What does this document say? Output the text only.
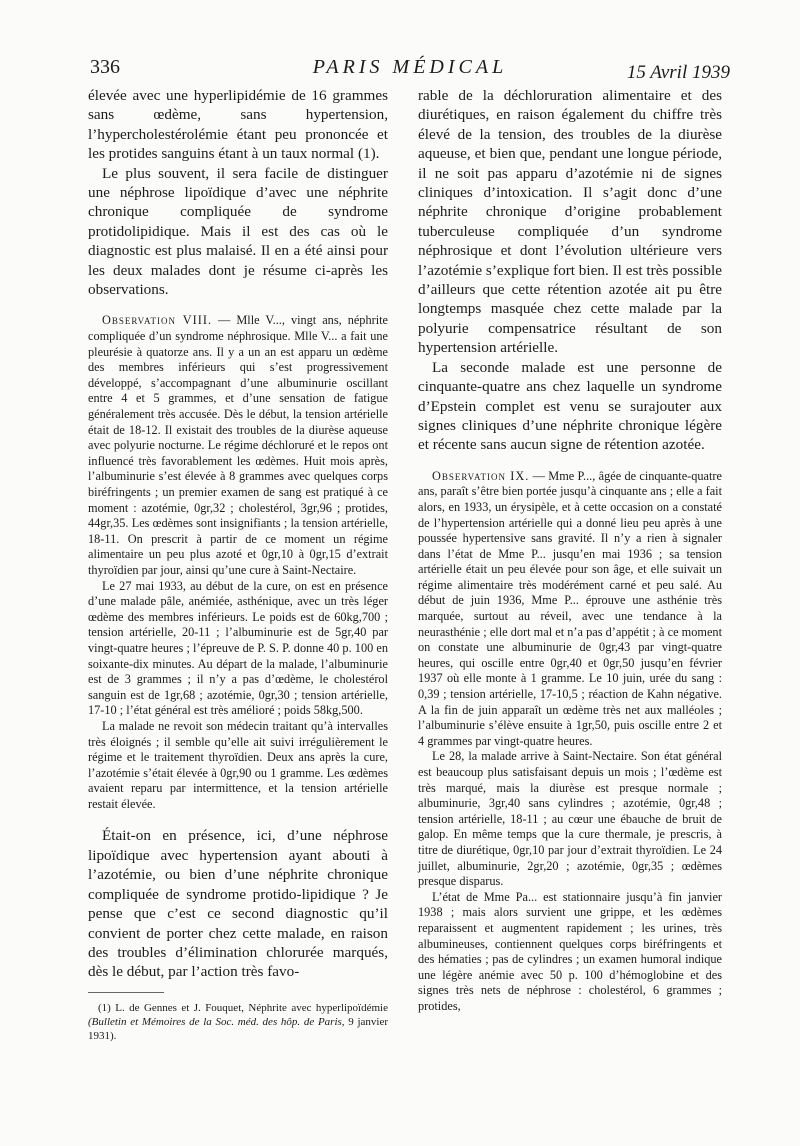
336	PARIS MÉDICAL	15 Avril 1939

élevée avec une hyperlipidémie de 16 grammes sans œdème, sans hypertension, l’hypercholestérolémie étant peu prononcée et les protides sanguins étant à un taux normal (1).

Le plus souvent, il sera facile de distinguer une néphrose lipoïdique d’avec une néphrite chronique compliquée de syndrome protidolipidique. Mais il est des cas où le diagnostic est plus malaisé. Il en a été ainsi pour les deux malades dont je résume ci-après les observations.

Observation VIII. — Mlle V..., vingt ans, néphrite compliquée d’un syndrome néphrosique. Mlle V... a fait une pleurésie à quatorze ans. Il y a un an est apparu un œdème des membres inférieurs qui s’est progressivement développé, s’accompagnant d’une albuminurie oscillant entre 4 et 5 grammes, et d’une sensation de fatigue généralement très accusée. Dès le début, la tension artérielle était de 18-12. Il existait des troubles de la diurèse aqueuse avec polyurie nocturne. Le régime déchloruré et le repos ont influencé très favorablement les œdèmes. Huit mois après, l’albuminurie s’est élevée à 8 grammes avec quelques corps biréfringents ; un premier examen de sang est pratiqué à ce moment : azotémie, 0gr,32 ; cholestérol, 3gr,96 ; protides, 44gr,35. Les œdèmes sont insignifiants ; la tension artérielle, 18-11. On prescrit à partir de ce moment un régime alimentaire un peu plus azoté et 0gr,10 à 0gr,15 d’extrait thyroïdien par jour, ainsi qu’une cure à Saint-Nectaire.

Le 27 mai 1933, au début de la cure, on est en présence d’une malade pâle, anémiée, asthénique, avec un très léger œdème des membres inférieurs. Le poids est de 60kg,700 ; tension artérielle, 20-11 ; l’albuminurie est de 5gr,40 par vingt-quatre heures ; l’épreuve de P. S. P. donne 40 p. 100 en soixante-dix minutes. Au départ de la malade, l’albuminurie est de 3 grammes ; il n’y a pas d’œdème, le cholestérol sanguin est de 1gr,68 ; azotémie, 0gr,30 ; tension artérielle, 17-10 ; l’état général est très amélioré ; poids 58kg,500.

La malade ne revoit son médecin traitant qu’à intervalles très éloignés ; il semble qu’elle ait suivi irrégulièrement le régime et le traitement thyroïdien. Deux ans après la cure, l’azotémie s’était élevée à 0gr,90 ou 1 gramme. Les œdèmes avaient reparu par intermittence, et la tension artérielle restait élevée.

Était-on en présence, ici, d’une néphrose lipoïdique avec hypertension ayant abouti à l’azotémie, ou bien d’une néphrite chronique compliquée de syndrome protido-lipidique ? Je pense que c’est ce second diagnostic qu’il convient de porter chez cette malade, en raison des troubles d’élimination chlorurée marqués, dès le début, par l’action très favo-

(1) L. de Gennes et J. Fouquet, Néphrite avec hyperlipoïdémie (Bulletin et Mémoires de la Soc. méd. des hôp. de Paris, 9 janvier 1931).

rable de la déchloruration alimentaire et des diurétiques, en raison également du chiffre très élevé de la tension, des troubles de la diurèse aqueuse, et bien que, pendant une longue période, il ne soit pas apparu d’azotémie ni de signes cliniques d’intoxication. Il s’agit donc d’une néphrite chronique d’origine probablement tuberculeuse compliquée d’un syndrome néphrosique et dont l’évolution ultérieure vers l’azotémie s’explique fort bien. Il est très possible d’ailleurs que cette rétention azotée ait pu être longtemps masquée chez cette malade par la polyurie compensatrice résultant de son hypertension artérielle.

La seconde malade est une personne de cinquante-quatre ans chez laquelle un syndrome d’Epstein complet est venu se surajouter aux signes cliniques d’une néphrite chronique légère et récente sans aucun signe de rétention azotée.

Observation IX. — Mme P..., âgée de cinquante-quatre ans, paraît s’être bien portée jusqu’à cinquante ans ; elle a fait alors, en 1933, un érysipèle, et à cette occasion on a constaté de l’hypertension artérielle qui a donné lieu peu après à une poussée hypertensive sans gravité. Il n’y a rien à signaler dans l’état de Mme P... jusqu’en mai 1936 ; sa tension artérielle était un peu élevée pour son âge, et elle suivait un régime alimentaire très modérément carné et peu salé. Au début de juin 1936, Mme P... éprouve une asthénie très marquée, surtout au réveil, avec une tendance à la neurasthénie ; elle dort mal et n’a pas d’appétit ; à ce moment on constate une albuminurie de 0gr,43 par vingt-quatre heures, qui oscille entre 0gr,40 et 0gr,50 jusqu’en février 1937 où elle monte à 1 gramme. Le 10 juin, urée du sang : 0,39 ; tension artérielle, 17-10,5 ; réaction de Kahn négative. A la fin de juin apparaît un œdème très net aux malléoles ; l’albuminurie s’élève ensuite à 1gr,50, puis oscille entre 2 et 4 grammes par vingt-quatre heures.

Le 28, la malade arrive à Saint-Nectaire. Son état général est beaucoup plus satisfaisant depuis un mois ; l’œdème est très marqué, mais la diurèse est presque normale ; albuminurie, 3gr,40 sans cylindres ; azotémie, 0gr,48 ; tension artérielle, 18-11 ; au cœur une ébauche de bruit de galop. En même temps que la cure thermale, je prescris, à titre de diurétique, 0gr,10 par jour d’extrait thyroïdien. Le 24 juillet, albuminurie, 2gr,20 ; azotémie, 0gr,35 ; œdèmes presque disparus.

L’état de Mme Pa... est stationnaire jusqu’à fin janvier 1938 ; mais alors survient une grippe, et les œdèmes reparaissent et augmentent rapidement ; les urines, très albumineuses, contiennent quelques corps biréfringents et des hématies ; pas de cylindres ; un examen humoral indique une légère anémie avec 50 p. 100 d’hémoglobine et des signes très nets de néphrose : cholestérol, 6 grammes ; protides,
